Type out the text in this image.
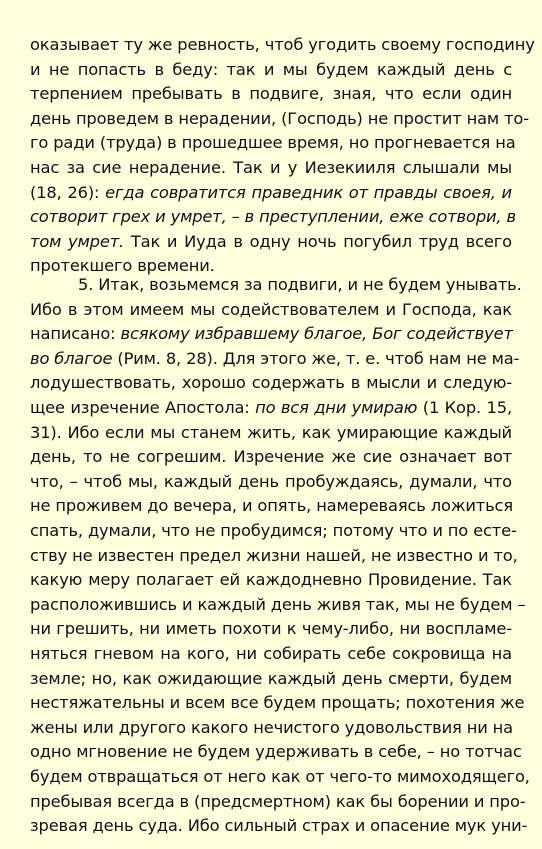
оказывает ту же ревность, чтоб угодить своему господину
и не попасть в беду: так и мы будем каждый день с
терпением пребывать в подвиге, зная, что если один
день проведем в нерадении, (Господь) не простит нам то-
го ради (труда) в прошедшее время, но прогневается на
нас за сие нерадение. Так и у Иезекииля слышали мы
(18, 26): егда совратится праведник от правды своея, и
сотворит грех и умрет, – в преступлении, еже сотвори, в
том умрет. Так и Иуда в одну ночь погубил труд всего
протекшего времени.
5. Итак, возьмемся за подвиги, и не будем унывать.
Ибо в этом имеем мы содействователем и Господа, как
написано: всякому избравшему благое, Бог содействует
во благое (Рим. 8, 28). Для этого же, т. е. чтоб нам не ма-
лодушествовать, хорошо содержать в мысли и следую-
щее изречение Апостола: по вся дни умираю (1 Кор. 15,
31). Ибо если мы станем жить, как умирающие каждый
день, то не согрешим. Изречение же сие означает вот
что, – чтоб мы, каждый день пробуждаясь, думали, что
не проживем до вечера, и опять, намереваясь ложиться
спать, думали, что не пробудимся; потому что и по есте-
ству не известен предел жизни нашей, не известно и то,
какую меру полагает ей каждодневно Провидение. Так
расположившись и каждый день живя так, мы не будем –
ни грешить, ни иметь похоти к чему-либо, ни воспламе-
няться гневом на кого, ни собирать себе сокровища на
земле; но, как ожидающие каждый день смерти, будем
нестяжательны и всем все будем прощать; похотения же
жены или другого какого нечистого удовольствия ни на
одно мгновение не будем удерживать в себе, – но тотчас
будем отвращаться от него как от чего-то мимоходящего,
пребывая всегда в (предсмертном) как бы борении и про-
зревая день суда. Ибо сильный страх и опасение мук уни-
